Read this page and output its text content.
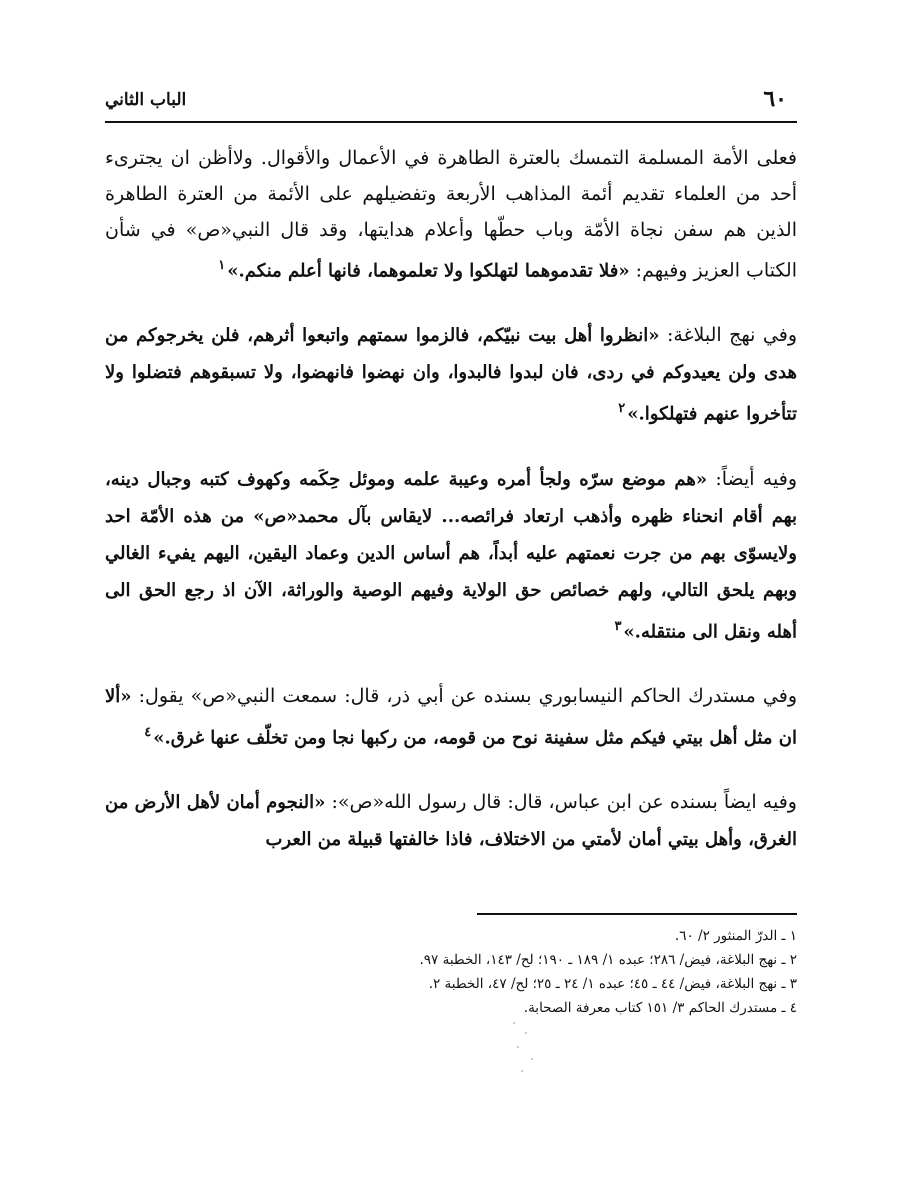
٦٠
الباب الثاني

فعلى الأمة المسلمة التمسك بالعترة الطاهرة في الأعمال والأقوال. ولاأظن ان يجترىء أحد من العلماء تقديم أئمة المذاهب الأربعة وتفضيلهم على الأئمة من العترة الطاهرة الذين هم سفن نجاة الأمّة وباب حطّها وأعلام هدايتها، وقد قال النبي«ص» في شأن الكتاب العزيز وفيهم: «فلا تقدموهما لتهلكوا ولا تعلموهما، فانها أعلم منكم.»$^١$

وفي نهج البلاغة: «انظروا أهل بيت نبيّكم، فالزموا سمتهم واتبعوا أثرهم، فلن يخرجوكم من هدى ولن يعيدوكم في ردى، فان لبدوا فالبدوا، وان نهضوا فانهضوا، ولا تسبقوهم فتضلوا ولا تتأخروا عنهم فتهلكوا.»$^٢$

وفيه أيضاً: «هم موضع سرّه ولجأ أمره وعيبة علمه وموئل حِكَمه وكهوف كتبه وجبال دينه، بهم أقام انحناء ظهره وأذهب ارتعاد فرائصه... لايقاس بآل محمد«ص» من هذه الأمّة احد ولايسوّى بهم من جرت نعمتهم عليه أبداً، هم أساس الدين وعماد اليقين، اليهم يفيء الغالي وبهم يلحق التالي، ولهم خصائص حق الولاية وفيهم الوصية والوراثة، الآن اذ رجع الحق الى أهله ونقل الى منتقله.»$^٣$

وفي مستدرك الحاكم النيسابوري بسنده عن أبي ذر، قال: سمعت النبي«ص» يقول: «ألا ان مثل أهل بيتي فيكم مثل سفينة نوح من قومه، من ركبها نجا ومن تخلّف عنها غرق.»$^٤$

وفيه ايضاً بسنده عن ابن عباس، قال: قال رسول الله«ص»: «النجوم أمان لأهل الأرض من الغرق، وأهل بيتي أمان لأمتي من الاختلاف، فاذا خالفتها قبيلة من العرب

١ ـ الدرّ المنثور ٢/ ٦٠.

٢ ـ نهج البلاغة، فيض/ ٢٨٦؛ عبده ١/ ١٨٩ ـ ١٩٠؛ لح/ ١٤٣، الخطبة ٩٧.

٣ ـ نهج البلاغة، فيض/ ٤٤ ـ ٤٥؛ عبده ١/ ٢٤ ـ ٢٥؛ لح/ ٤٧، الخطبة ٢.

٤ ـ مستدرك الحاكم ٣/ ١٥١ كتاب معرفة الصحابة.
